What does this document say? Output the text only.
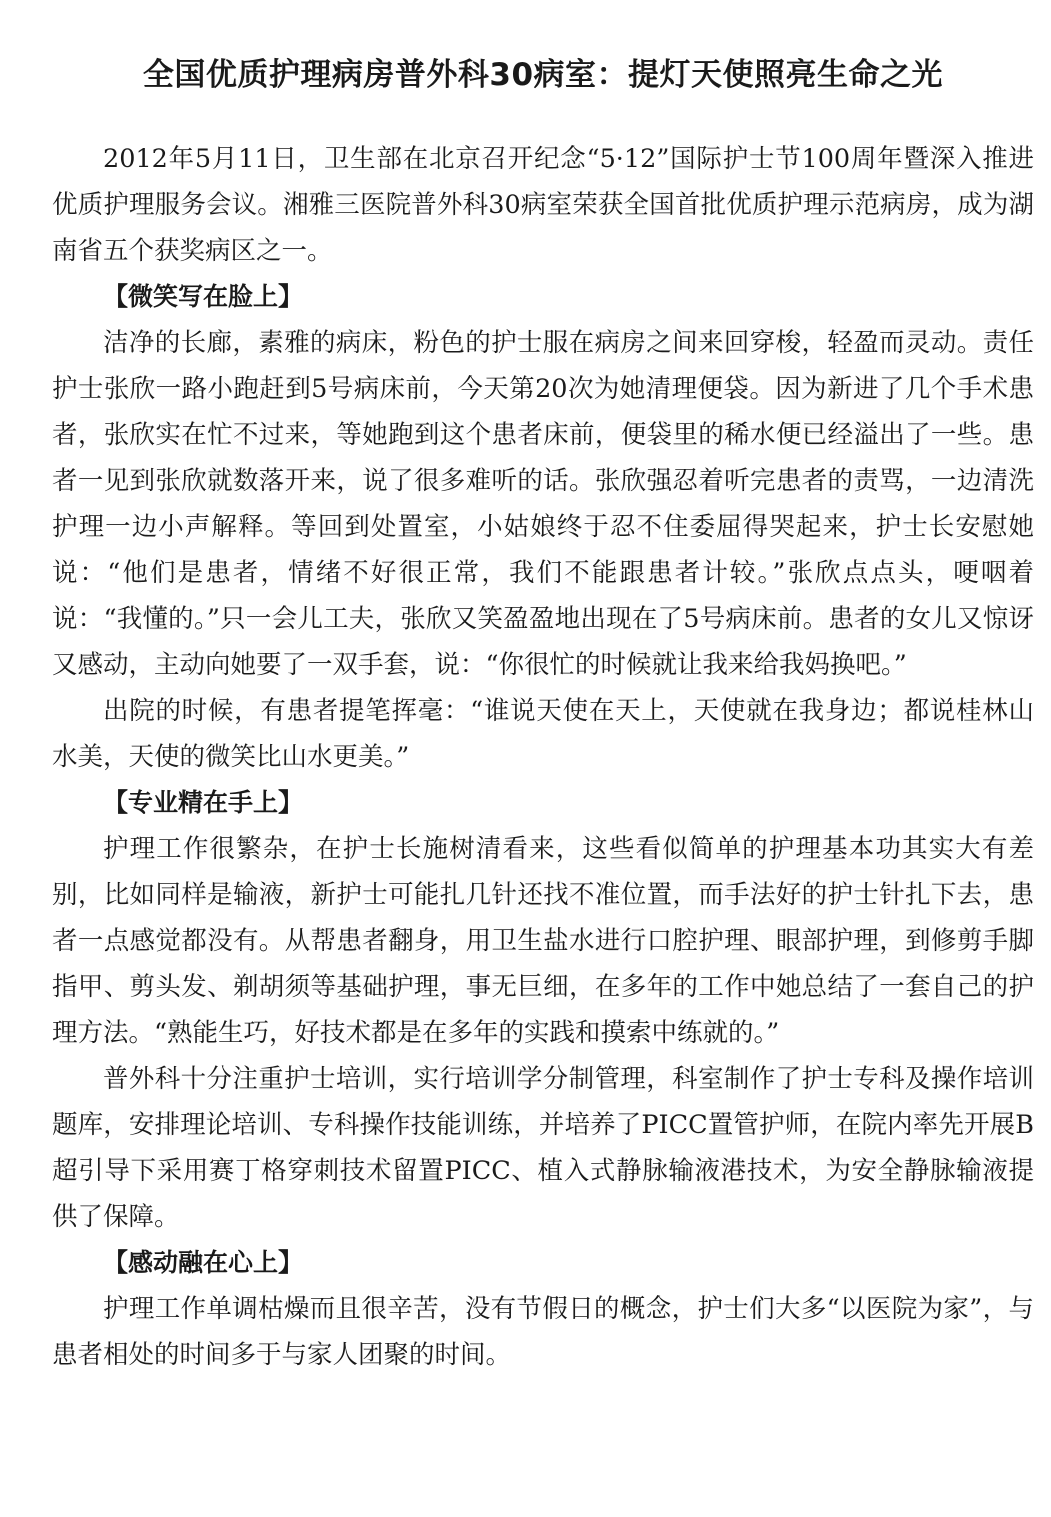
全国优质护理病房普外科30病室：提灯天使照亮生命之光

2012年5月11日，卫生部在北京召开纪念“5·12”国际护士节100周年暨深入推进优质护理服务会议。湘雅三医院普外科30病室荣获全国首批优质护理示范病房，成为湖南省五个获奖病区之一。

【微笑写在脸上】

洁净的长廊，素雅的病床，粉色的护士服在病房之间来回穿梭，轻盈而灵动。责任护士张欣一路小跑赶到5号病床前，今天第20次为她清理便袋。因为新进了几个手术患者，张欣实在忙不过来，等她跑到这个患者床前，便袋里的稀水便已经溢出了一些。患者一见到张欣就数落开来，说了很多难听的话。张欣强忍着听完患者的责骂，一边清洗护理一边小声解释。等回到处置室，小姑娘终于忍不住委屈得哭起来，护士长安慰她说：“他们是患者，情绪不好很正常，我们不能跟患者计较。”张欣点点头，哽咽着说：“我懂的。”只一会儿工夫，张欣又笑盈盈地出现在了5号病床前。患者的女儿又惊讶又感动，主动向她要了一双手套，说：“你很忙的时候就让我来给我妈换吧。”

出院的时候，有患者提笔挥毫：“谁说天使在天上，天使就在我身边；都说桂林山水美，天使的微笑比山水更美。”

【专业精在手上】

护理工作很繁杂，在护士长施树清看来，这些看似简单的护理基本功其实大有差别，比如同样是输液，新护士可能扎几针还找不准位置，而手法好的护士针扎下去，患者一点感觉都没有。从帮患者翻身，用卫生盐水进行口腔护理、眼部护理，到修剪手脚指甲、剪头发、剃胡须等基础护理，事无巨细，在多年的工作中她总结了一套自己的护理方法。“熟能生巧，好技术都是在多年的实践和摸索中练就的。”

普外科十分注重护士培训，实行培训学分制管理，科室制作了护士专科及操作培训题库，安排理论培训、专科操作技能训练，并培养了PICC置管护师，在院内率先开展B超引导下采用赛丁格穿刺技术留置PICC、植入式静脉输液港技术，为安全静脉输液提供了保障。

【感动融在心上】

护理工作单调枯燥而且很辛苦，没有节假日的概念，护士们大多“以医院为家”，与患者相处的时间多于与家人团聚的时间。
